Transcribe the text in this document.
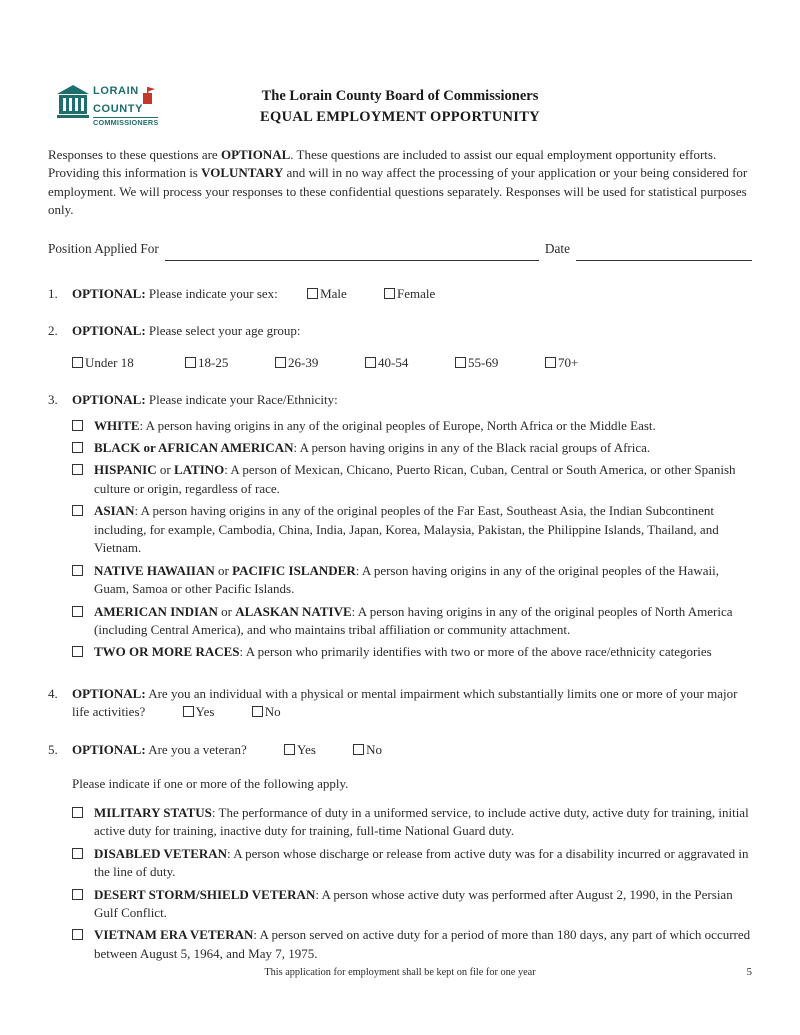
LORAIN
COUNTY
COMMISSIONERS
The Lorain County Board of Commissioners
EQUAL EMPLOYMENT OPPORTUNITY

Responses to these questions are OPTIONAL. These questions are included to assist our equal employment opportunity efforts. Providing this information is VOLUNTARY and will in no way affect the processing of your application or your being considered for employment. We will process your responses to these confidential questions separately. Responses will be used for statistical purposes only.

Position Applied For	Date
1.	OPTIONAL: Please indicate your sex:	Male	Female
2.	OPTIONAL: Please select your age group:
Under 18	18-25	26-39	40-54	55-69	70+
3.	OPTIONAL: Please indicate your Race/Ethnicity:
WHITE: A person having origins in any of the original peoples of Europe, North Africa or the Middle East.
BLACK or AFRICAN AMERICAN: A person having origins in any of the Black racial groups of Africa.
HISPANIC or LATINO: A person of Mexican, Chicano, Puerto Rican, Cuban, Central or South America, or other Spanish culture or origin, regardless of race.
ASIAN: A person having origins in any of the original peoples of the Far East, Southeast Asia, the Indian Subcontinent including, for example, Cambodia, China, India, Japan, Korea, Malaysia, Pakistan, the Philippine Islands, Thailand, and Vietnam.
NATIVE HAWAIIAN or PACIFIC ISLANDER: A person having origins in any of the original peoples of the Hawaii, Guam, Samoa or other Pacific Islands.
AMERICAN INDIAN or ALASKAN NATIVE: A person having origins in any of the original peoples of North America (including Central America), and who maintains tribal affiliation or community attachment.
TWO OR MORE RACES: A person who primarily identifies with two or more of the above race/ethnicity categories
4.	OPTIONAL: Are you an individual with a physical or mental impairment which substantially limits one or more of your major life activities?	Yes	No
5.	OPTIONAL: Are you a veteran?	Yes	No

Please indicate if one or more of the following apply.

MILITARY STATUS: The performance of duty in a uniformed service, to include active duty, active duty for training, initial active duty for training, inactive duty for training, full-time National Guard duty.
DISABLED VETERAN: A person whose discharge or release from active duty was for a disability incurred or aggravated in the line of duty.
DESERT STORM/SHIELD VETERAN: A person whose active duty was performed after August 2, 1990, in the Persian Gulf Conflict.
VIETNAM ERA VETERAN: A person served on active duty for a period of more than 180 days, any part of which occurred between August 5, 1964, and May 7, 1975.
This application for employment shall be kept on file for one year	5
